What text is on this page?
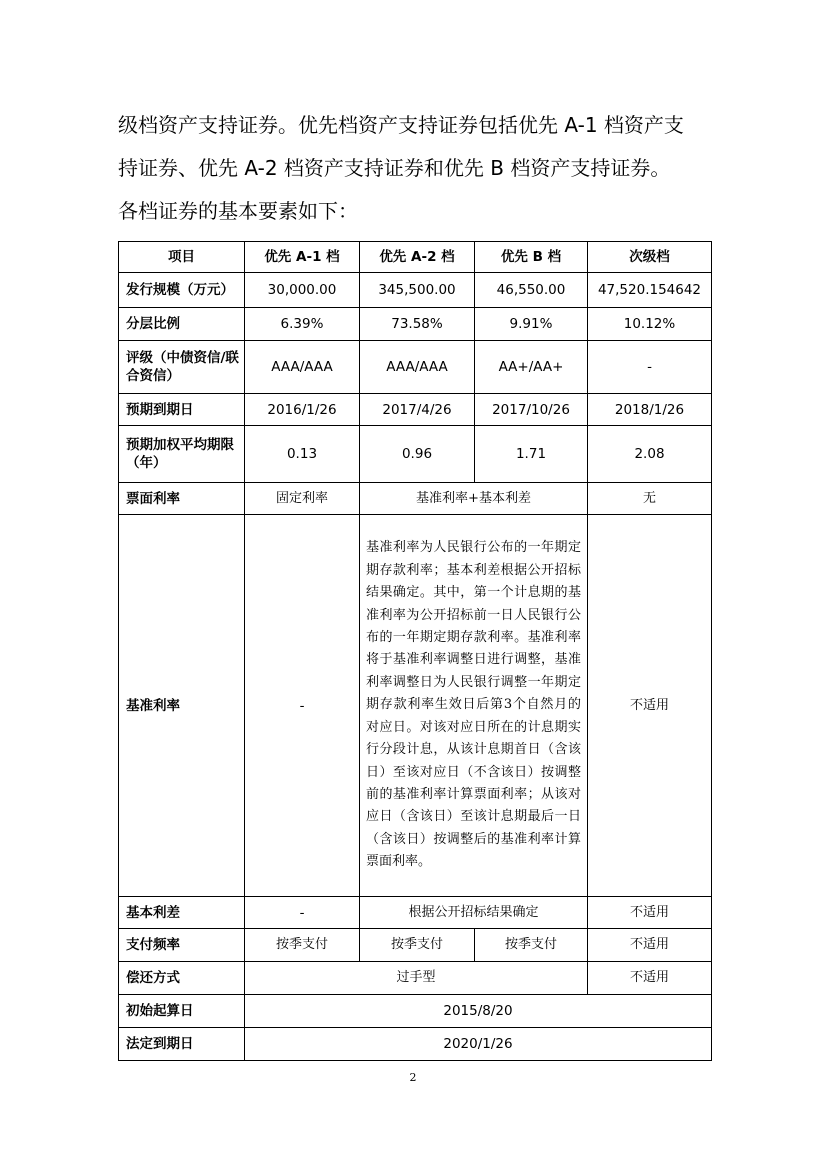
级档资产支持证券。优先档资产支持证券包括优先 A-1 档资产支

持证券、优先 A-2 档资产支持证券和优先 B 档资产支持证券。

各档证券的基本要素如下：

项目	优先 A-1 档	优先 A-2 档	优先 B 档	次级档
发行规模（万元）	30,000.00	345,500.00	46,550.00	47,520.154642
分层比例	6.39%	73.58%	9.91%	10.12%
评级（中债资信/联合资信）	AAA/AAA	AAA/AAA	AA+/AA+	-
预期到期日	2016/1/26	2017/4/26	2017/10/26	2018/1/26
预期加权平均期限（年）	0.13	0.96	1.71	2.08
票面利率	固定利率	基准利率+基本利差		无
基准利率	-	基准利率为人民银行公布的一年期定期存款利率；基本利差根据公开招标结果确定。其中，第一个计息期的基准利率为公开招标前一日人民银行公布的一年期定期存款利率。基准利率将于基准利率调整日进行调整，基准利率调整日为人民银行调整一年期定期存款利率生效日后第3个自然月的对应日。对该对应日所在的计息期实行分段计息，从该计息期首日（含该日）至该对应日（不含该日）按调整前的基准利率计算票面利率；从该对应日（含该日）至该计息期最后一日（含该日）按调整后的基准利率计算票面利率。		不适用
基本利差	-	根据公开招标结果确定		不适用
支付频率	按季支付	按季支付	按季支付	不适用
偿还方式	过手型			不适用
初始起算日	2015/8/20			
法定到期日	2020/1/26			
2
